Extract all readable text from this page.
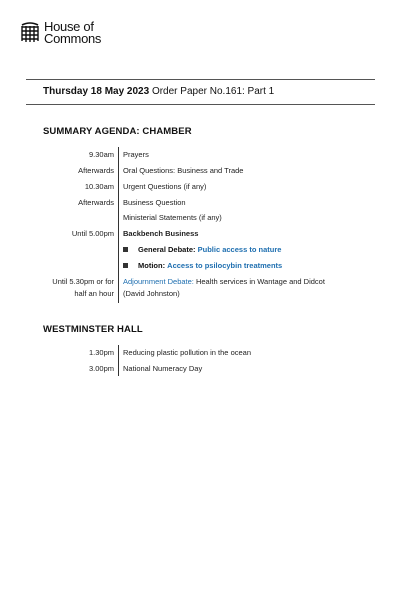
House of
Commons
Thursday 18 May 2023 Order Paper No.161: Part 1
SUMMARY AGENDA: CHAMBER
9.30am Prayers
Afterwards Oral Questions: Business and Trade
10.30am Urgent Questions (if any)
Afterwards Business Question
Ministerial Statements (if any)
Until 5.00pm Backbench Business
General Debate: Public access to nature
Motion: Access to psilocybin treatments
Until 5.30pm or for Adjournment Debate: Health services in Wantage and Didcot
half an hour (David Johnston)
WESTMINSTER HALL
1.30pm Reducing plastic pollution in the ocean
3.00pm National Numeracy Day
